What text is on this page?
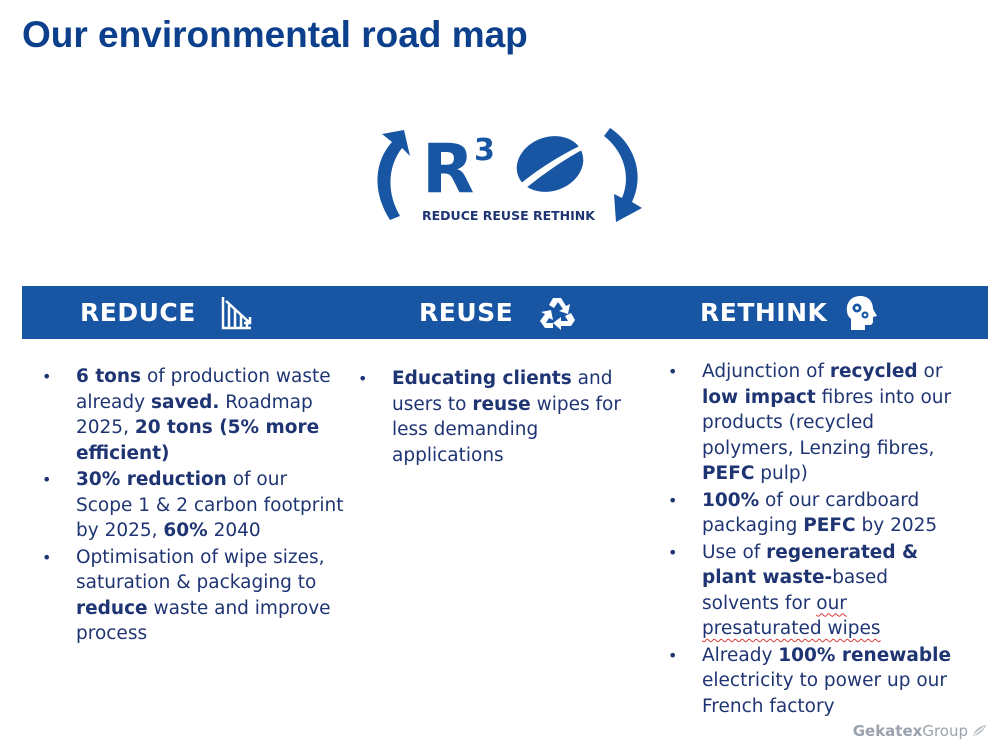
Our environmental road map
R 3
REDUCE REUSE RETHINK
REDUCE	REUSE	RETHINK
• 6 tons of production waste already saved. Roadmap 2025, 20 tons (5% more efficient)
• 30% reduction of our Scope 1 & 2 carbon footprint by 2025, 60% 2040
• Optimisation of wipe sizes, saturation & packaging to reduce waste and improve process
• Educating clients and users to reuse wipes for less demanding applications
• Adjunction of recycled or low impact fibres into our products (recycled polymers, Lenzing fibres, PEFC pulp)
• 100% of our cardboard packaging PEFC by 2025
• Use of regenerated & plant waste-based solvents for our presaturated wipes
• Already 100% renewable electricity to power up our French factory
Gekatex Group
